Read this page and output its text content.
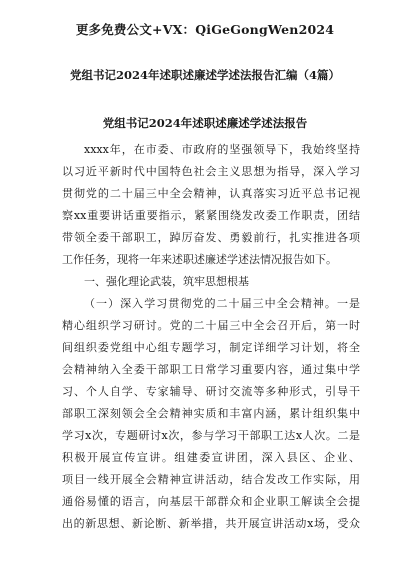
更多免费公文+VX：QiGeGongWen2024
党组书记2024年述职述廉述学述法报告汇编（4篇）
党组书记2024年述职述廉述学述法报告
xxxx年，在市委、市政府的坚强领导下，我始终坚持
以习近平新时代中国特色社会主义思想为指导，深入学习
贯彻党的二十届三中全会精神，认真落实习近平总书记视
察xx重要讲话重要指示，紧紧围绕发改委工作职责，团结
带领全委干部职工，踔厉奋发、勇毅前行，扎实推进各项
工作任务，现将一年来述职述廉述学述法情况报告如下。
一、强化理论武装，筑牢思想根基
（一）深入学习贯彻党的二十届三中全会精神。一是
精心组织学习研讨。党的二十届三中全会召开后，第一时
间组织委党组中心组专题学习，制定详细学习计划，将全
会精神纳入全委干部职工日常学习重要内容，通过集中学
习、个人自学、专家辅导、研讨交流等多种形式，引导干
部职工深刻领会全会精神实质和丰富内涵，累计组织集中
学习x次，专题研讨x次，参与学习干部职工达x人次。二是
积极开展宣传宣讲。组建委宣讲团，深入县区、企业、
项目一线开展全会精神宣讲活动，结合发改工作实际，用
通俗易懂的语言，向基层干部群众和企业职工解读全会提
出的新思想、新论断、新举措，共开展宣讲活动x场，受众
